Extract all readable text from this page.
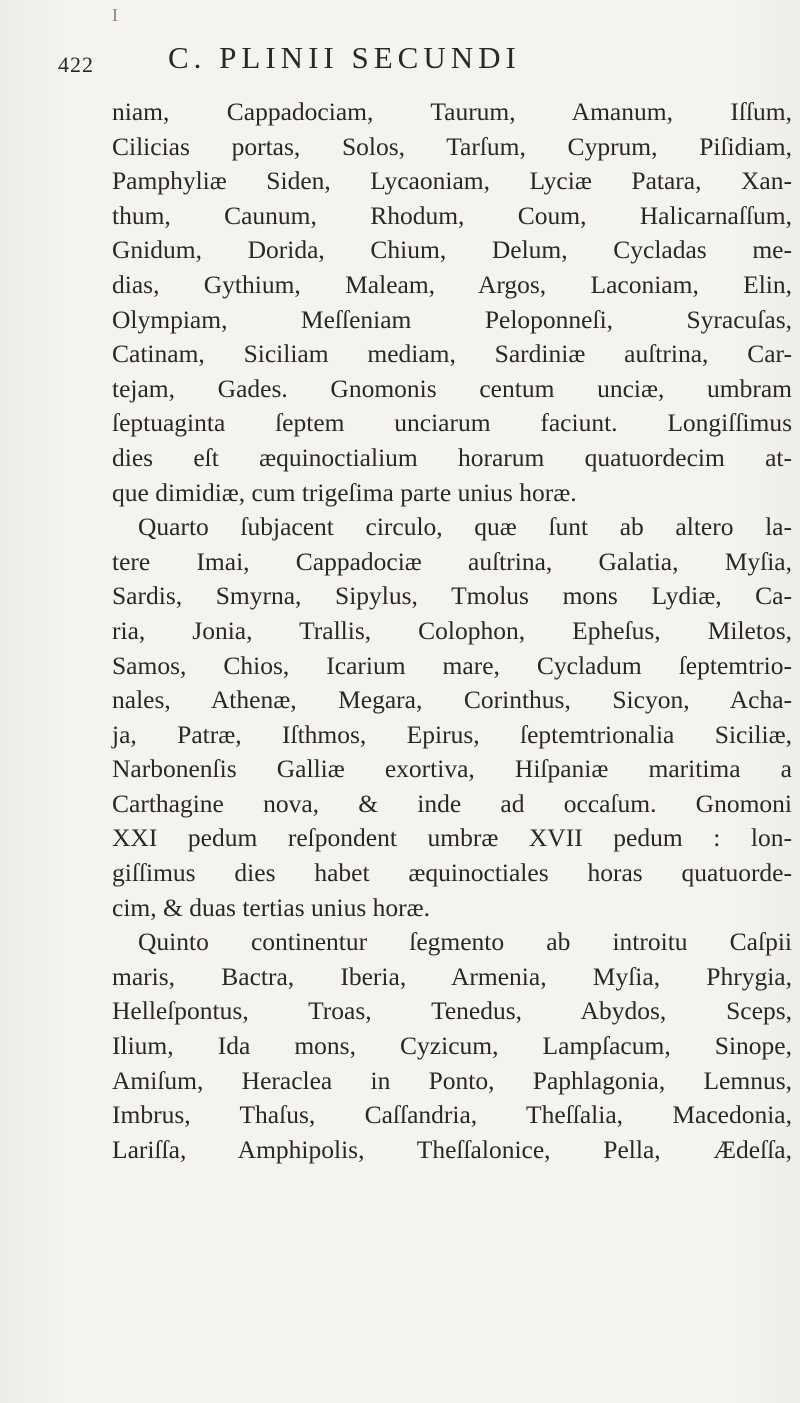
I
422 C. PLINII SECUNDI
niam, Cappadociam, Taurum, Amanum, Iſſum,
Cilicias portas, Solos, Tarſum, Cyprum, Piſidiam,
Pamphyliæ Siden, Lycaoniam, Lyciæ Patara, Xan-
thum, Caunum, Rhodum, Coum, Halicarnaſſum,
Gnidum, Dorida, Chium, Delum, Cycladas me-
dias, Gythium, Maleam, Argos, Laconiam, Elin,
Olympiam, Meſſeniam Peloponneſi, Syracuſas,
Catinam, Siciliam mediam, Sardiniæ auſtrina, Car-
tejam, Gades. Gnomonis centum unciæ, umbram
ſeptuaginta ſeptem unciarum faciunt. Longiſſimus
dies eſt æquinoctialium horarum quatuordecim at-
que dimidiæ, cum trigeſima parte unius horæ.
Quarto ſubjacent circulo, quæ ſunt ab altero la-
tere Imai, Cappadociæ auſtrina, Galatia, Myſia,
Sardis, Smyrna, Sipylus, Tmolus mons Lydiæ, Ca-
ria, Jonia, Trallis, Colophon, Epheſus, Miletos,
Samos, Chios, Icarium mare, Cycladum ſeptemtrio-
nales, Athenæ, Megara, Corinthus, Sicyon, Acha-
ja, Patræ, Iſthmos, Epirus, ſeptemtrionalia Siciliæ,
Narbonenſis Galliæ exortiva, Hiſpaniæ maritima a
Carthagine nova, & inde ad occaſum. Gnomoni
XXI pedum reſpondent umbræ XVII pedum : lon-
giſſimus dies habet æquinoctiales horas quatuorde-
cim, & duas tertias unius horæ.
Quinto continentur ſegmento ab introitu Caſpii
maris, Bactra, Iberia, Armenia, Myſia, Phrygia,
Helleſpontus, Troas, Tenedus, Abydos, Sceps,
Ilium, Ida mons, Cyzicum, Lampſacum, Sinope,
Amiſum, Heraclea in Ponto, Paphlagonia, Lemnus,
Imbrus, Thaſus, Caſſandria, Theſſalia, Macedonia,
Lariſſa, Amphipolis, Theſſalonice, Pella, Ædeſſa,
